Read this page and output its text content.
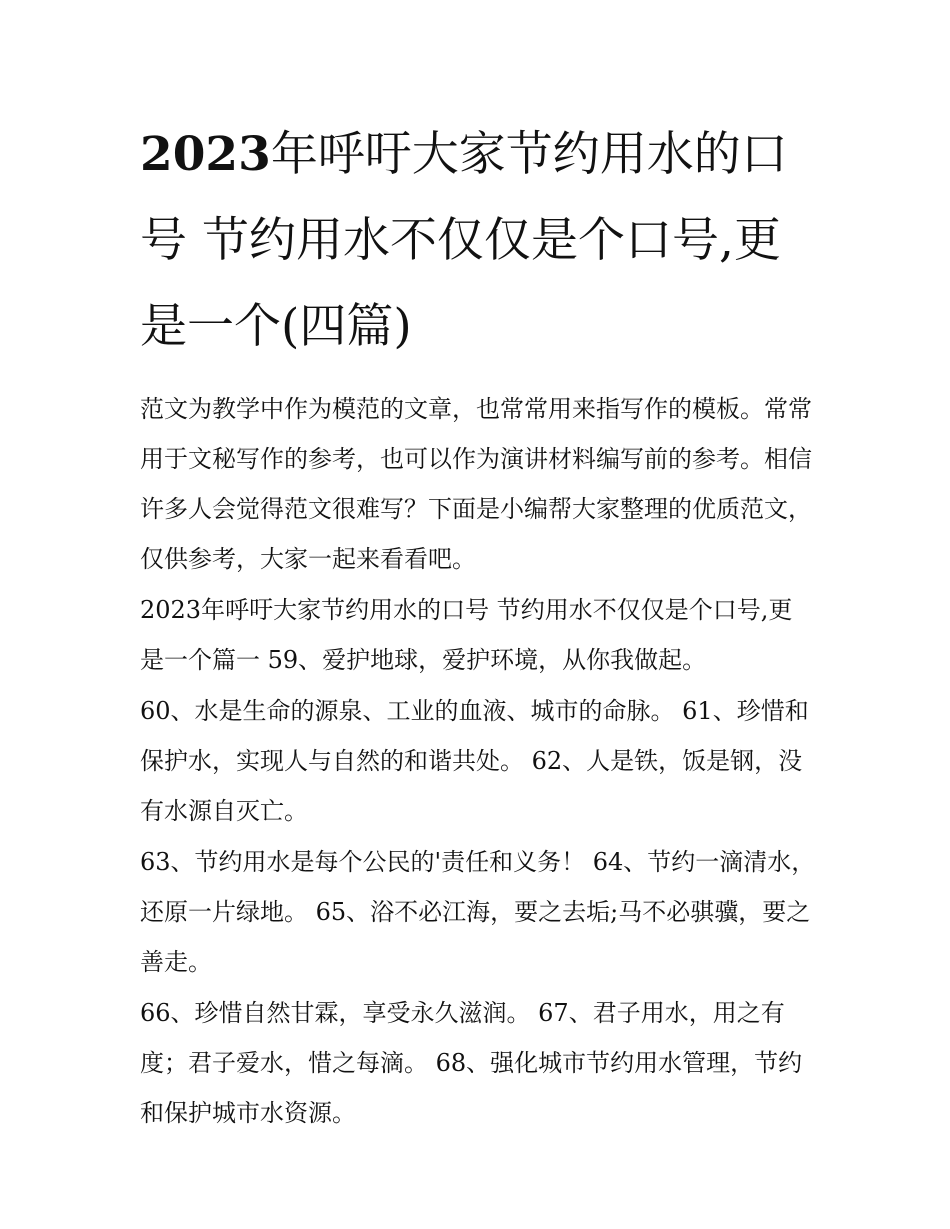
2023年呼吁大家节约用水的口号 节约用水不仅仅是个口号,更是一个(四篇)

范文为教学中作为模范的文章，也常常用来指写作的模板。常常用于文秘写作的参考，也可以作为演讲材料编写前的参考。相信许多人会觉得范文很难写？下面是小编帮大家整理的优质范文，仅供参考，大家一起来看看吧。

2023年呼吁大家节约用水的口号 节约用水不仅仅是个口号,更是一个篇一 59、爱护地球，爱护环境，从你我做起。

60、水是生命的源泉、工业的血液、城市的命脉。 61、珍惜和保护水，实现人与自然的和谐共处。 62、人是铁，饭是钢，没有水源自灭亡。

63、节约用水是每个公民的'责任和义务！ 64、节约一滴清水，还原一片绿地。 65、浴不必江海，要之去垢;马不必骐骥，要之善走。

66、珍惜自然甘霖，享受永久滋润。 67、君子用水，用之有度；君子爱水，惜之每滴。 68、强化城市节约用水管理，节约和保护城市水资源。
